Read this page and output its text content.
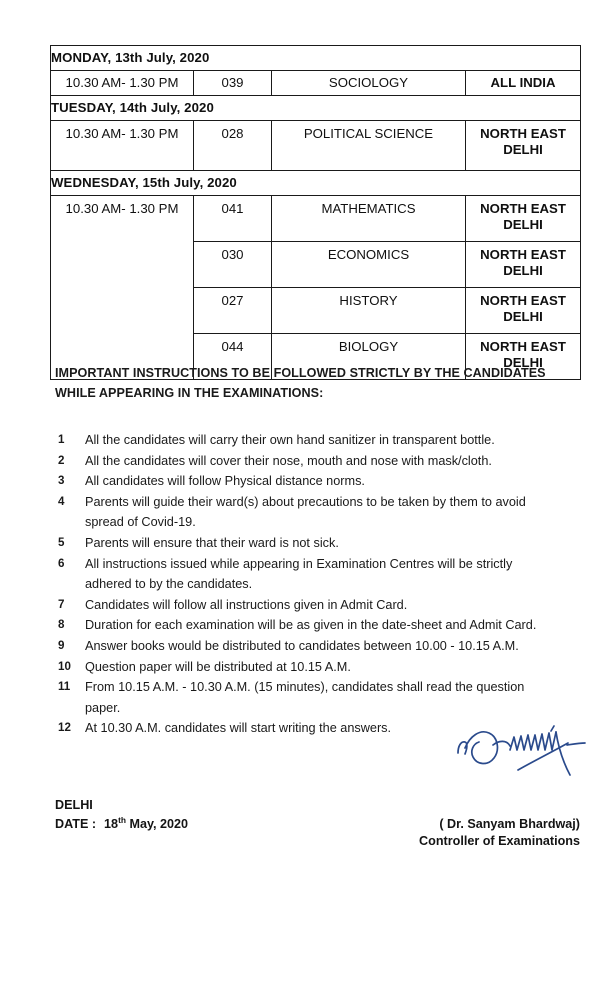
MONDAY, 13th July, 2020			
10.30 AM- 1.30 PM	039	SOCIOLOGY	ALL INDIA
TUESDAY, 14th July, 2020			
10.30 AM- 1.30 PM	028	POLITICAL SCIENCE	NORTH EAST DELHI
WEDNESDAY, 15th July, 2020			
10.30 AM- 1.30 PM	041	MATHEMATICS	NORTH EAST DELHI
	030	ECONOMICS	NORTH EAST DELHI
	027	HISTORY	NORTH EAST DELHI
	044	BIOLOGY	NORTH EAST DELHI
IMPORTANT INSTRUCTIONS TO BE FOLLOWED STRICTLY BY THE CANDIDATES WHILE APPEARING IN THE EXAMINATIONS:
1	All the candidates will carry their own hand sanitizer in transparent bottle.
2	All the candidates will cover their nose, mouth and nose with mask/cloth.
3	All candidates will follow Physical distance norms.
4	Parents will guide their ward(s) about precautions to be taken by them to avoid spread of Covid-19.
5	Parents will ensure that their ward is not sick.
6	All instructions issued while appearing in Examination Centres will be strictly adhered to by the candidates.
7	Candidates will follow all instructions given in Admit Card.
8	Duration for each examination will be as given in the date-sheet and Admit Card.
9	Answer books would be distributed to candidates between 10.00 - 10.15 A.M.
10	Question paper will be distributed at 10.15 A.M.
11	From 10.15 A.M. - 10.30 A.M. (15 minutes), candidates shall read the question paper.
12	At 10.30 A.M. candidates will start writing the answers.
DELHI
DATE : 18th May, 2020	( Dr. Sanyam Bhardwaj)
Controller of Examinations
